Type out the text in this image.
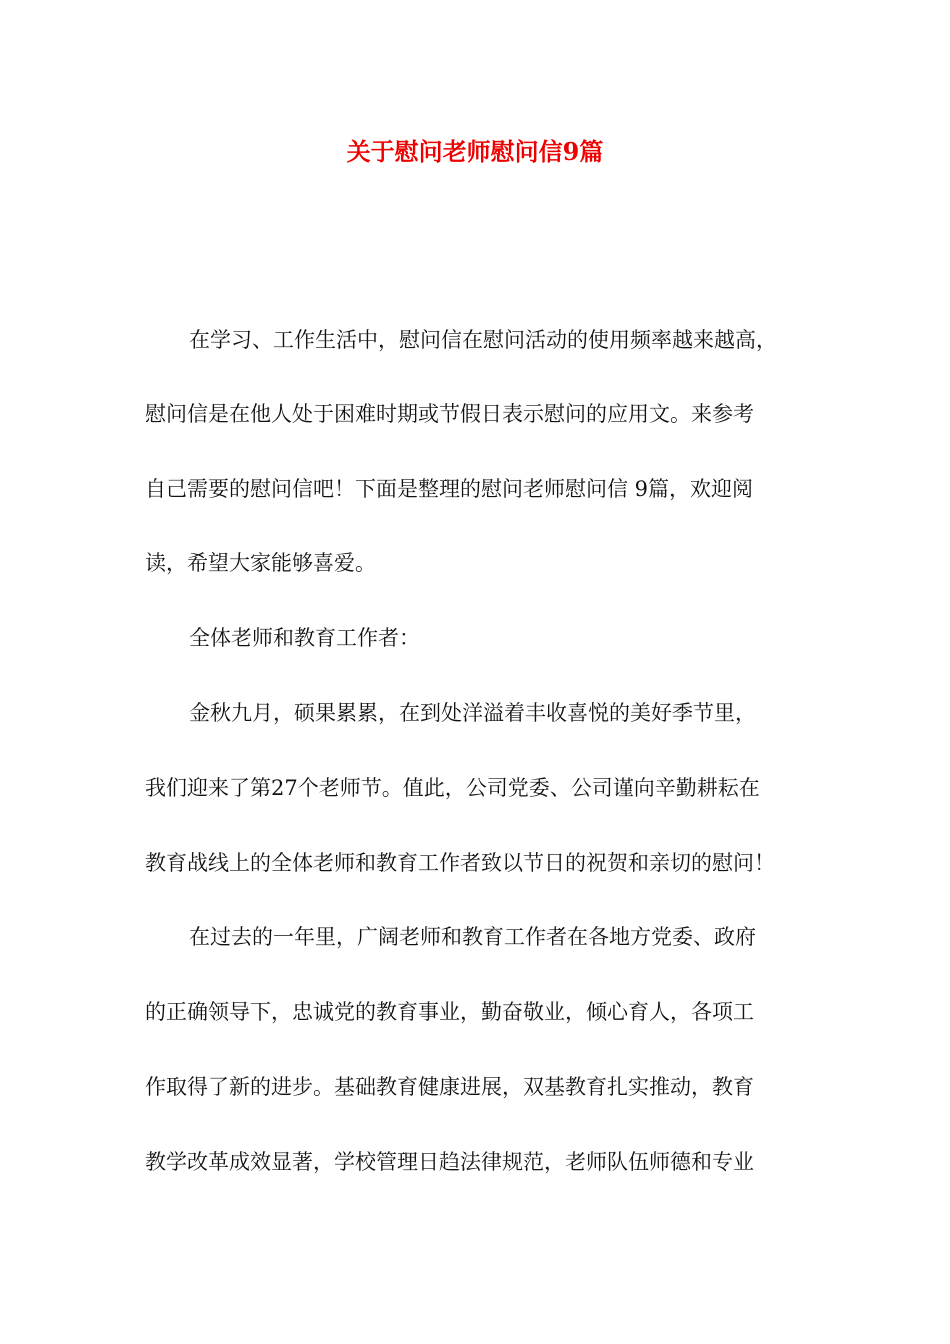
关于慰问老师慰问信9篇
在学习、工作生活中，慰问信在慰问活动的使用频率越来越高，
慰问信是在他人处于困难时期或节假日表示慰问的应用文。来参考
自己需要的慰问信吧！下面是整理的慰问老师慰问信 9篇，欢迎阅
读，希望大家能够喜爱。
全体老师和教育工作者：
金秋九月，硕果累累，在到处洋溢着丰收喜悦的美好季节里，
我们迎来了第27个老师节。值此，公司党委、公司谨向辛勤耕耘在
教育战线上的全体老师和教育工作者致以节日的祝贺和亲切的慰问！
在过去的一年里，广阔老师和教育工作者在各地方党委、政府
的正确领导下，忠诚党的教育事业，勤奋敬业，倾心育人，各项工
作取得了新的进步。基础教育健康进展，双基教育扎实推动，教育
教学改革成效显著，学校管理日趋法律规范，老师队伍师德和专业
